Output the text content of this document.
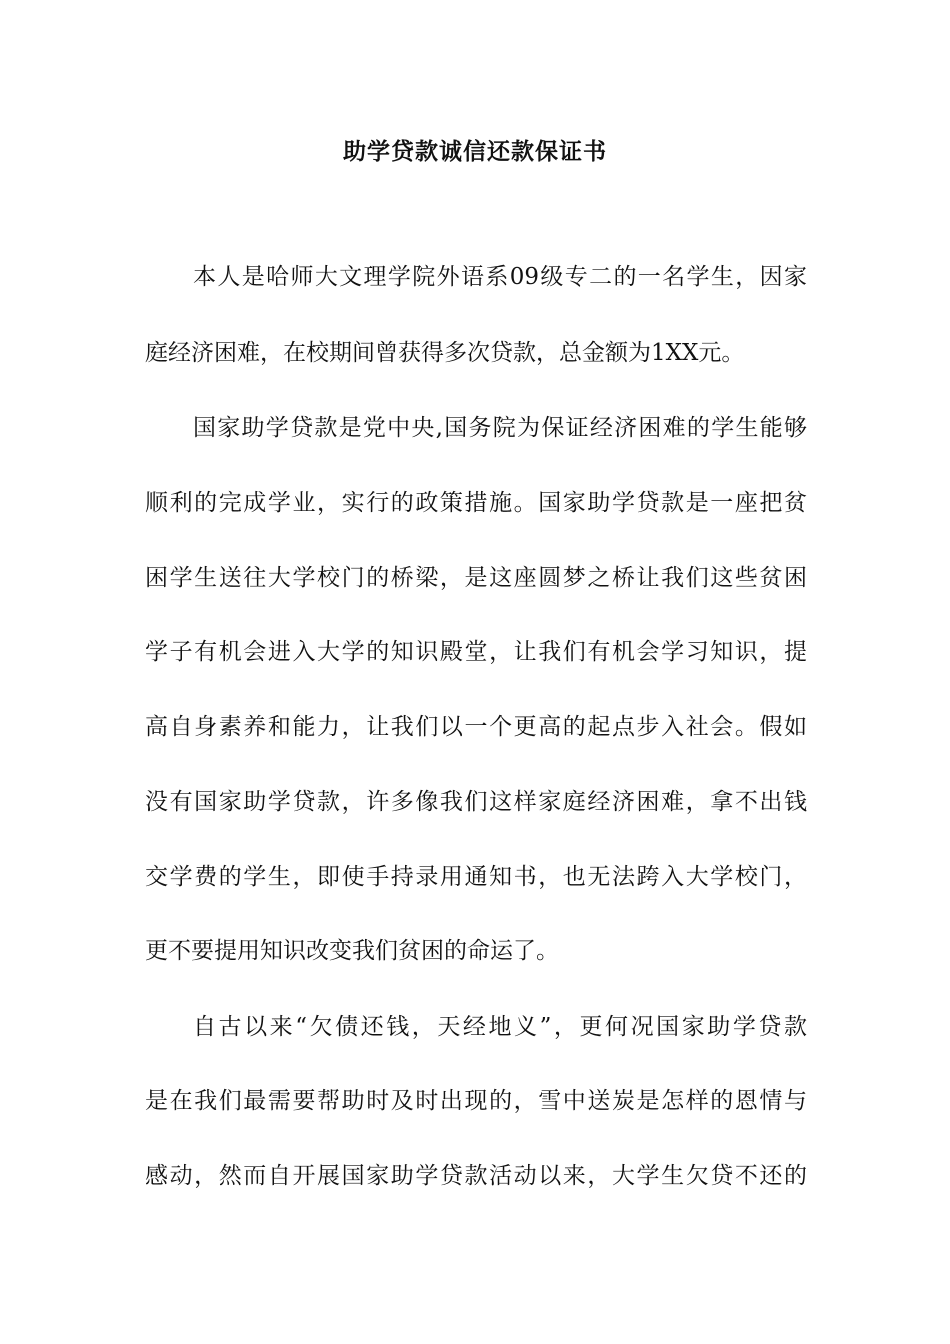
助学贷款诚信还款保证书
本人是哈师大文理学院外语系09级专二的一名学生，因家
庭经济困难，在校期间曾获得多次贷款，总金额为1XX元。
国家助学贷款是党中央,国务院为保证经济困难的学生能够
顺利的完成学业，实行的政策措施。国家助学贷款是一座把贫
困学生送往大学校门的桥梁，是这座圆梦之桥让我们这些贫困
学子有机会进入大学的知识殿堂，让我们有机会学习知识，提
高自身素养和能力，让我们以一个更高的起点步入社会。假如
没有国家助学贷款，许多像我们这样家庭经济困难，拿不出钱
交学费的学生，即使手持录用通知书，也无法跨入大学校门，
更不要提用知识改变我们贫困的命运了。
自古以来“欠债还钱，天经地义”，更何况国家助学贷款
是在我们最需要帮助时及时出现的，雪中送炭是怎样的恩情与
感动，然而自开展国家助学贷款活动以来，大学生欠贷不还的
